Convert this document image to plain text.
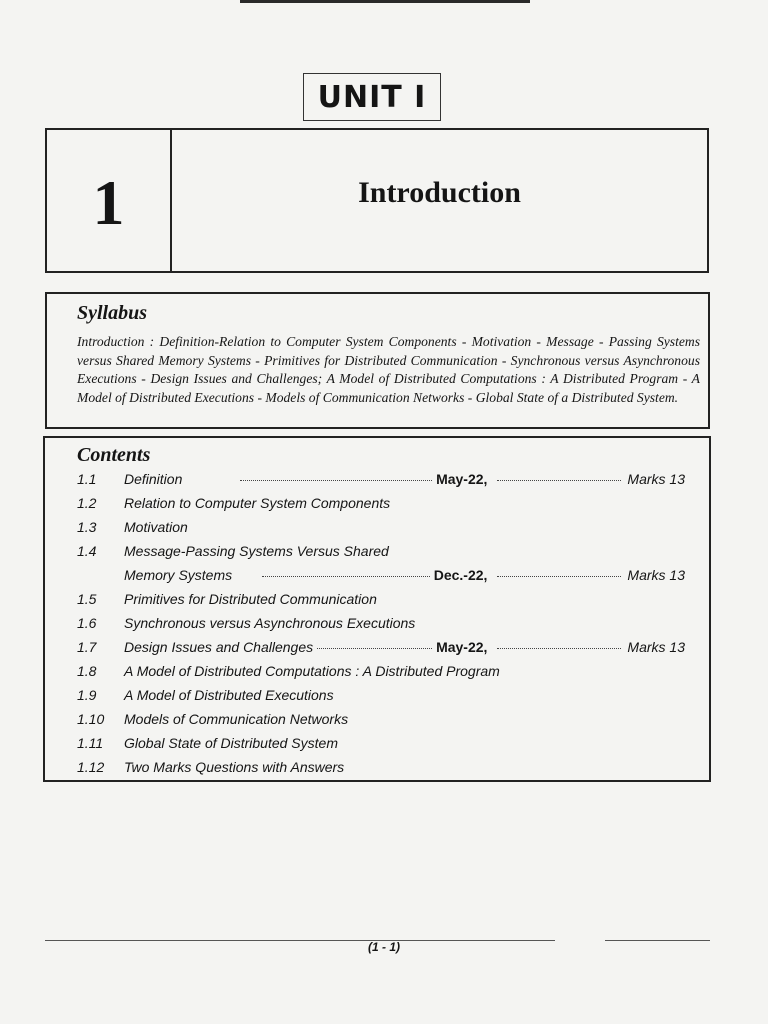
UNIT I
1	Introduction
Syllabus

Introduction : Definition-Relation to Computer System Components - Motivation - Message - Passing Systems versus Shared Memory Systems - Primitives for Distributed Communication - Synchronous versus Asynchronous Executions - Design Issues and Challenges; A Model of Distributed Computations : A Distributed Program - A Model of Distributed Executions - Models of Communication Networks - Global State of a Distributed System.

Contents
1.1	Definition	May-22,	Marks 13
1.2	Relation to Computer System Components
1.3	Motivation
1.4	Message-Passing Systems Versus Shared
Memory Systems	Dec.-22,	Marks 13
1.5	Primitives for Distributed Communication
1.6	Synchronous versus Asynchronous Executions
1.7	Design Issues and Challenges	May-22,	Marks 13
1.8	A Model of Distributed Computations : A Distributed Program
1.9	A Model of Distributed Executions
1.10	Models of Communication Networks
1.11	Global State of Distributed System
1.12	Two Marks Questions with Answers
(1 - 1)
